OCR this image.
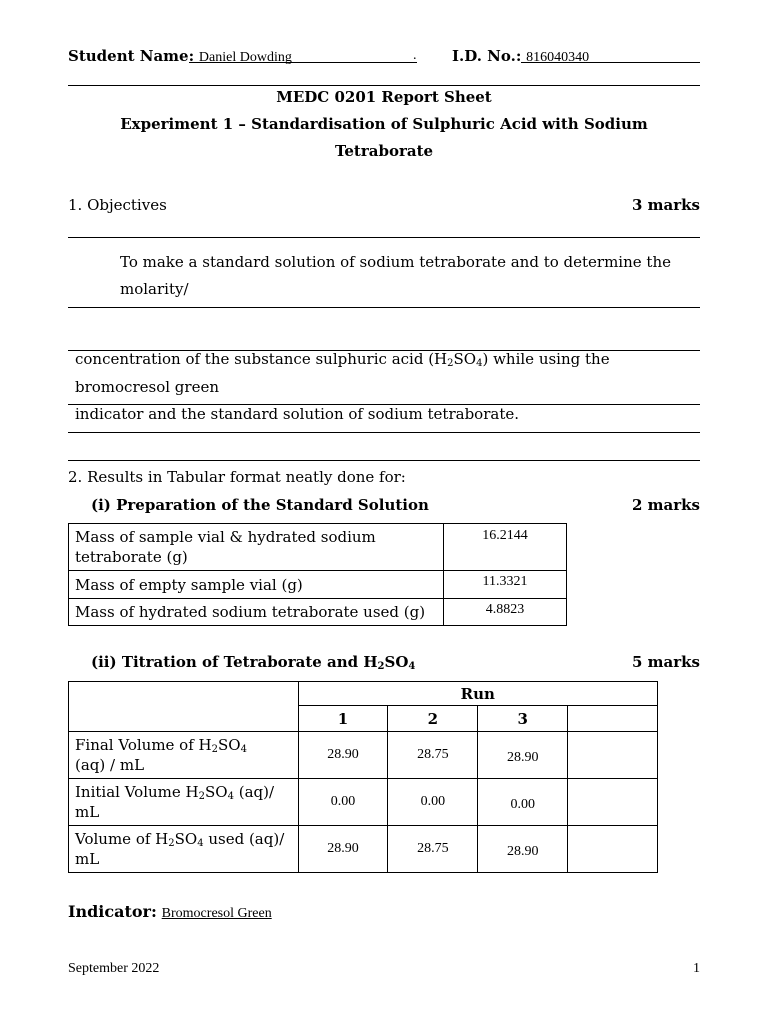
Student Name: Daniel Dowding	. I.D. No.: 816040340
MEDC 0201 Report Sheet
Experiment 1 – Standardisation of Sulphuric Acid with Sodium
Tetraborate
1. Objectives	3 marks
To make a standard solution of sodium tetraborate and to determine the
molarity/
concentration of the substance sulphuric acid $(H_2SO_4)$ while using the
bromocresol green
indicator and the standard solution of sodium tetraborate.
2. Results in Tabular format neatly done for:
(i) Preparation of the Standard Solution	2 marks
Mass of sample vial & hydrated sodium
tetraborate (g)	16.2144
Mass of empty sample vial (g)	11.3321
Mass of hydrated sodium tetraborate used (g)	4.8823
(ii) Titration of Tetraborate and $H_2SO_4$	5 marks
	Run			
	1	2	3	
Final Volume of $H_2SO_4$
(aq) / mL	28.90	28.75	28.90	
Initial Volume $H_2SO_4$ (aq)/
mL	0.00	0.00	0.00	
Volume of $H_2SO_4$ used (aq)/
mL	28.90	28.75	28.90	
Indicator: Bromocresol Green
September 2022	1
